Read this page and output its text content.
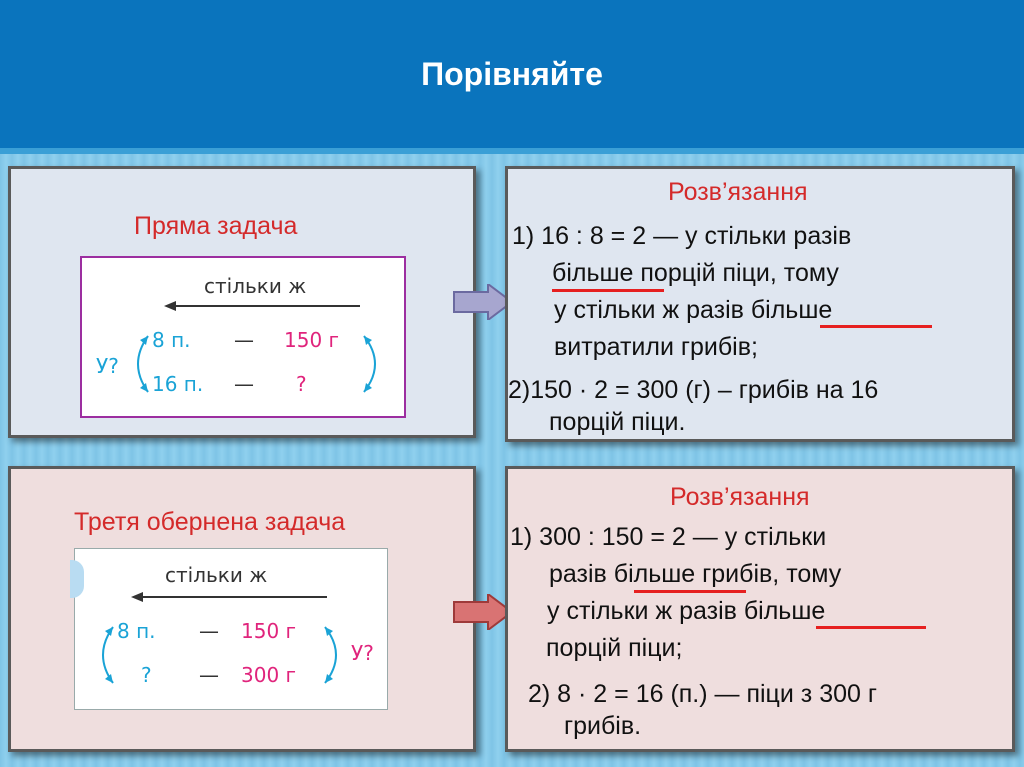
Порівняйте
Пряма задача
стільки ж
8 п. — 150 г
16 п. — ?
У?
Розв’язання
1) 16 : 8 = 2 — у стільки разів
більше порцій піци, тому
у стільки ж разів більше
витратили грибів;
2)150 · 2 = 300 (г) – грибів на 16
порцій піци.
Третя обернена задача
стільки ж
8 п. — 150 г
? — 300 г
У?
Розв’язання
1) 300 : 150 = 2 — у стільки
разів більше грибів, тому
у стільки ж разів більше
порцій піци;
2) 8 · 2 = 16 (п.) — піци з 300 г
грибів.
